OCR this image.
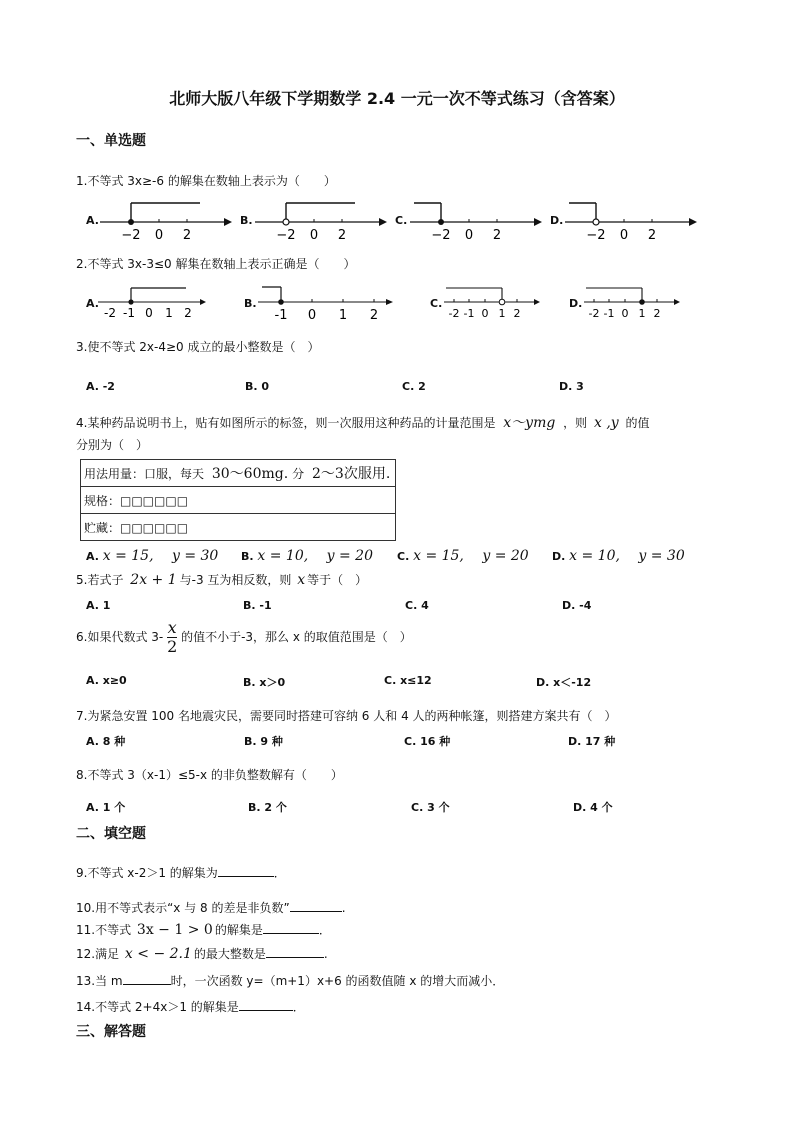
北师大版八年级下学期数学 2.4 一元一次不等式练习（含答案）
一、单选题
1.不等式 3x≥-6 的解集在数轴上表示为（　　）
A.	B.	C.	D.
−2 0 2	−2 0 2	−2 0 2	−2 0 2
2.不等式 3x-3≤0 解集在数轴上表示正确是（　　）
A.	B.	C.	D.
-2 -1 0 1 2	-1 0 1 2	-2 -1 0 1 2	-2 -1 0 1 2
3.使不等式 2x-4≥0 成立的最小整数是（　）
A. -2	B. 0	C. 2	D. 3
4.某种药品说明书上，贴有如图所示的标签，则一次服用这种药品的计量范围是 x～ymg ，则 x ,y 的值
分别为（　）
用法用量：口服，每天 30～60mg. 分 2～3次服用.
规格：□□□□□□
贮藏：□□□□□□
A. x = 15,　 y = 30 B. x = 10,　 y = 20 C. x = 15,　 y = 20 D. x = 10,　 y = 30
5.若式子 2x + 1 与-3 互为相反数，则 x 等于（　）
A. 1	B. -1	C. 4	D. -4
6.如果代数式 $3- \frac{x}{2}$ 的值不小于-3，那么 x 的取值范围是（　）
A. x≥0	B. x＞0	C. x≤12	D. x＜-12
7.为紧急安置 100 名地震灾民，需要同时搭建可容纳 6 人和 4 人的两种帐篷，则搭建方案共有（　）
A. 8 种	B. 9 种	C. 16 种	D. 17 种
8.不等式 3（x-1）≤5-x 的非负整数解有（　　）
A. 1 个	B. 2 个	C. 3 个	D. 4 个
二、填空题
9.不等式 x-2＞1 的解集为	．
10.用不等式表示“x 与 8 的差是非负数”	.
11.不等式 3x − 1 > 0 的解集是	．
12.满足 x < − 2.1 的最大整数是	.
13.当 m	时，一次函数 y=（m+1）x+6 的函数值随 x 的增大而减小．
14.不等式 2+4x＞1 的解集是	．
三、解答题
